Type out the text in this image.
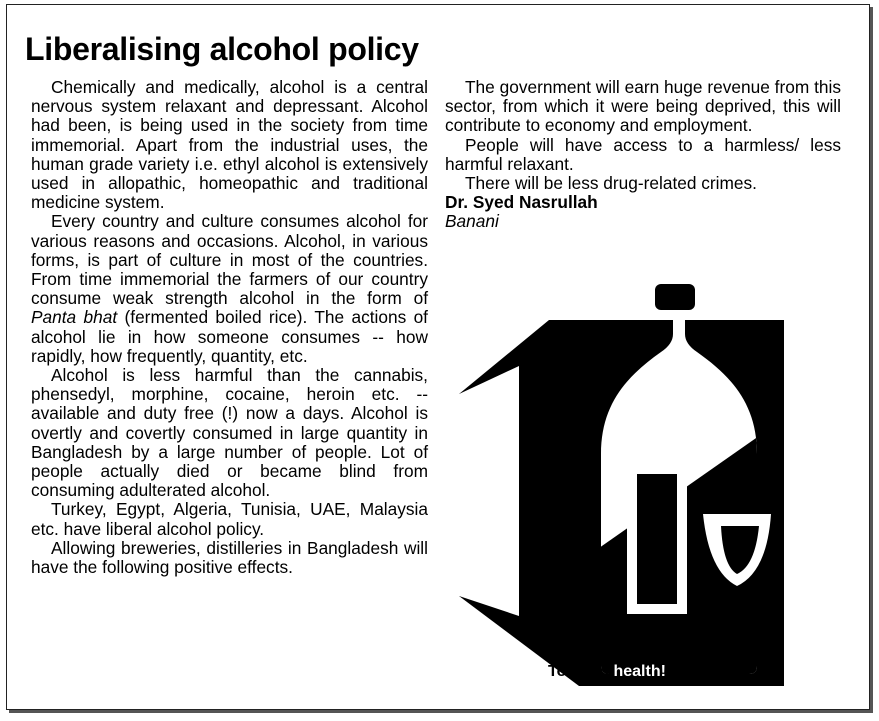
Liberalising alcohol policy

Chemically and medically, alcohol is a central nervous system relaxant and depressant. Alcohol had been, is being used in the society from time immemorial. Apart from the industrial uses, the human grade variety i.e. ethyl alcohol is extensively used in allopathic, homeopathic and traditional medicine system.

Every country and culture consumes alcohol for various reasons and occasions. Alcohol, in various forms, is part of culture in most of the countries. From time immemorial the farmers of our country consume weak strength alcohol in the form of Panta bhat (fermented boiled rice). The actions of alcohol lie in how someone consumes -- how rapidly, how frequently, quantity, etc.

Alcohol is less harmful than the cannabis, phensedyl, morphine, cocaine, heroin etc. -- available and duty free (!) now a days. Alcohol is overtly and covertly consumed in large quantity in Bangladesh by a large number of people. Lot of people actually died or became blind from consuming adulterated alcohol.

Turkey, Egypt, Algeria, Tunisia, UAE, Malaysia etc. have liberal alcohol policy.

Allowing breweries, distilleries in Bangladesh will have the following positive effects.

The government will earn huge revenue from this sector, from which it were being deprived, this will contribute to economy and employment.

People will have access to a harmless/ less harmful relaxant.

There will be less drug-related crimes.

Dr. Syed Nasrullah

Banani

Toast to health!
